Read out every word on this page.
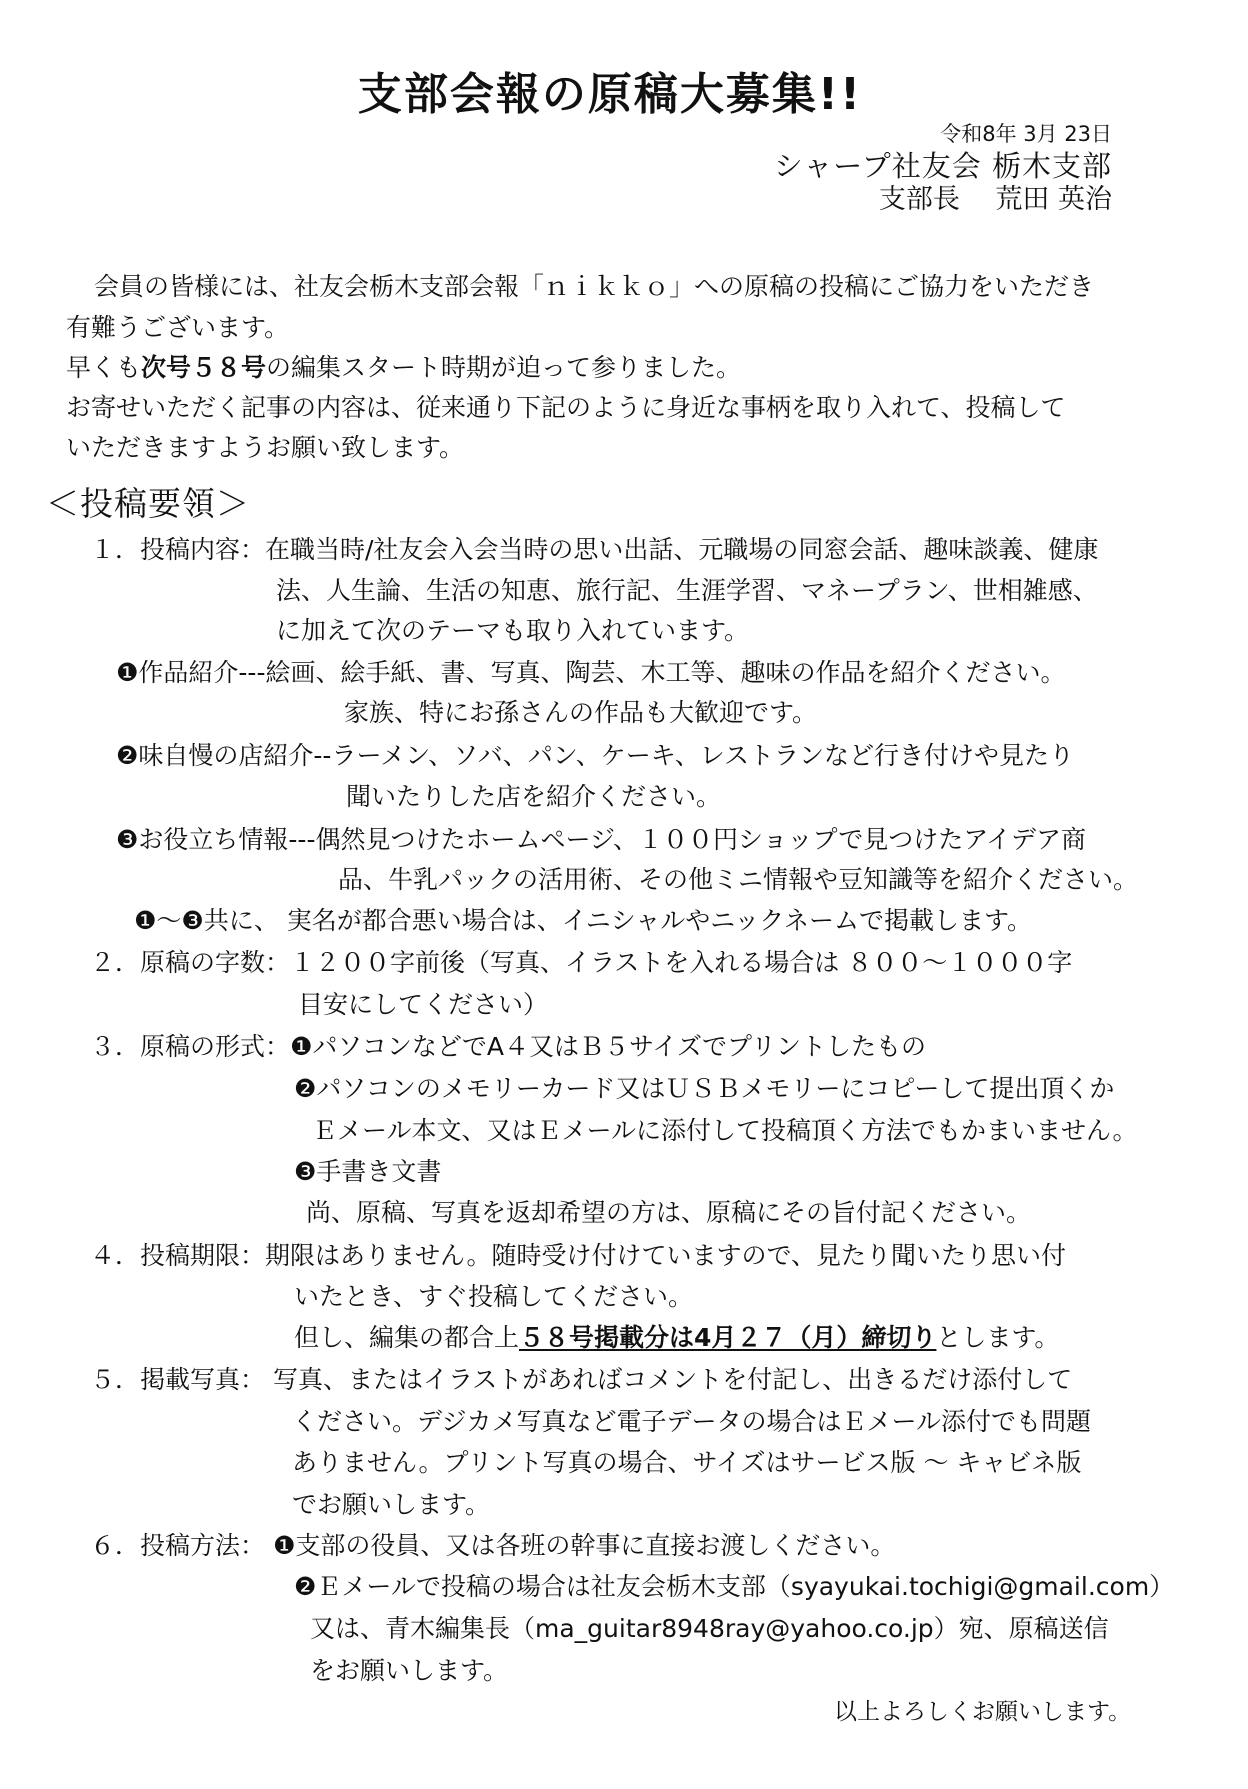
支部会報の原稿大募集!!
令和8年 3月 23日
シャープ社友会 栃木支部
支部長　 荒田 英治
会員の皆様には、社友会栃木支部会報「ｎｉｋｋｏ」への原稿の投稿にご協力をいただき
有難うございます。
早くも次号５８号の編集スタート時期が迫って参りました。
お寄せいただく記事の内容は、従来通り下記のように身近な事柄を取り入れて、投稿して
いただきますようお願い致します。
＜投稿要領＞
１．投稿内容：在職当時/社友会入会当時の思い出話、元職場の同窓会話、趣味談義、健康
法、人生論、生活の知恵、旅行記、生涯学習、マネープラン、世相雑感、
に加えて次のテーマも取り入れています。
❶作品紹介---絵画、絵手紙、書、写真、陶芸、木工等、趣味の作品を紹介ください。
家族、特にお孫さんの作品も大歓迎です。
❷味自慢の店紹介--ラーメン、ソバ、パン、ケーキ、レストランなど行き付けや見たり
聞いたりした店を紹介ください。
❸お役立ち情報---偶然見つけたホームページ、１００円ショップで見つけたアイデア商
品、牛乳パックの活用術、その他ミニ情報や豆知識等を紹介ください。
❶～❸共に、 実名が都合悪い場合は、イニシャルやニックネームで掲載します。
２．原稿の字数：１２００字前後（写真、イラストを入れる場合は ８００～１０００字
目安にしてください）
３．原稿の形式：❶パソコンなどでA４又はＢ５サイズでプリントしたもの
❷パソコンのメモリーカード又はＵＳＢメモリーにコピーして提出頂くか
Ｅメール本文、又はＥメールに添付して投稿頂く方法でもかまいません。
❸手書き文書
尚、原稿、写真を返却希望の方は、原稿にその旨付記ください。
４．投稿期限：期限はありません。随時受け付けていますので、見たり聞いたり思い付
いたとき、すぐ投稿してください。
但し、編集の都合上５８号掲載分は4月２７（月）締切りとします。
５．掲載写真： 写真、またはイラストがあればコメントを付記し、出きるだけ添付して
ください。デジカメ写真など電子データの場合はＥメール添付でも問題
ありません。プリント写真の場合、サイズはサービス版 ～ キャビネ版
でお願いします。
６．投稿方法： ❶支部の役員、又は各班の幹事に直接お渡しください。
❷Ｅメールで投稿の場合は社友会栃木支部（syayukai.tochigi@gmail.com）
又は、青木編集長（ma_guitar8948ray@yahoo.co.jp）宛、原稿送信
をお願いします。
以上よろしくお願いします。
